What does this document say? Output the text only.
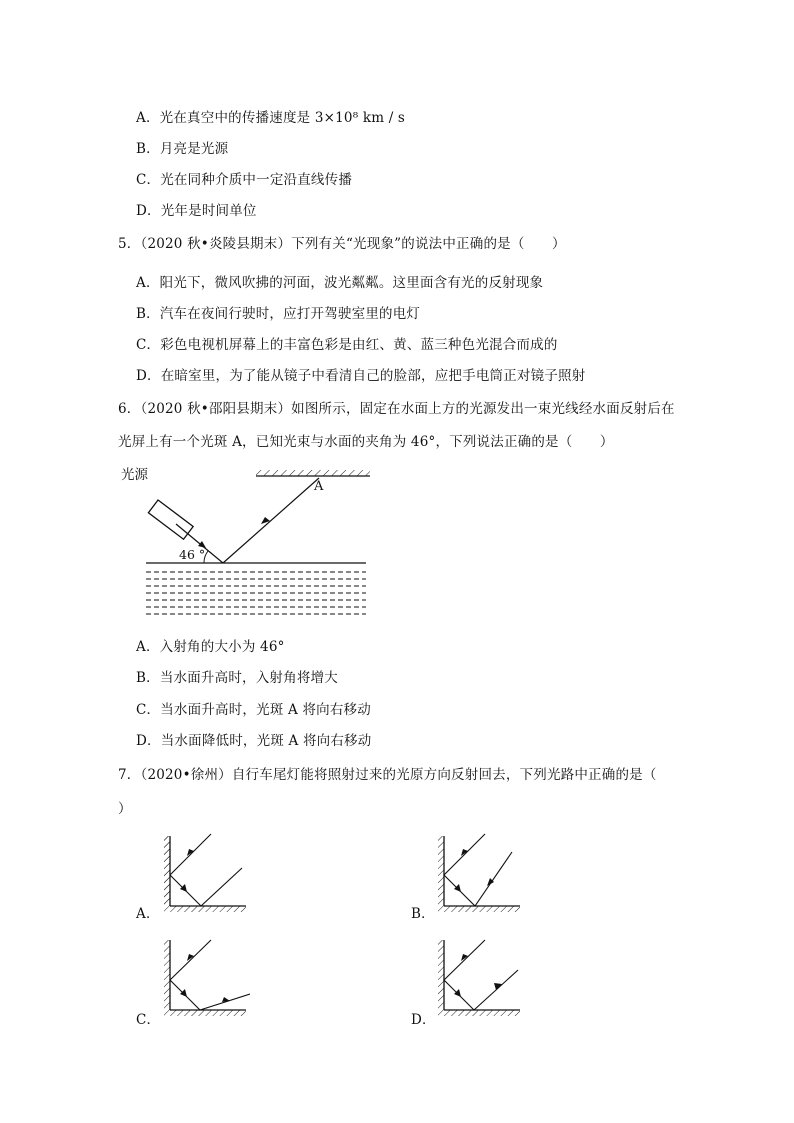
A．光在真空中的传播速度是 3×10⁸ km / s
B．月亮是光源
C．光在同种介质中一定沿直线传播
D．光年是时间单位
5．（2020 秋•炎陵县期末）下列有关“光现象”的说法中正确的是（　　）
A．阳光下，微风吹拂的河面，波光粼粼。这里面含有光的反射现象
B．汽车在夜间行驶时，应打开驾驶室里的电灯
C．彩色电视机屏幕上的丰富色彩是由红、黄、蓝三种色光混合而成的
D．在暗室里，为了能从镜子中看清自己的脸部，应把手电筒正对镜子照射
6．（2020 秋•邵阳县期末）如图所示，固定在水面上方的光源发出一束光线经水面反射后在
光屏上有一个光斑 A，已知光束与水面的夹角为 46°，下列说法正确的是（　　）
光源
A
46 °
A．入射角的大小为 46°
B．当水面升高时，入射角将增大
C．当水面升高时，光斑 A 将向右移动
D．当水面降低时，光斑 A 将向右移动
7．（2020•徐州）自行车尾灯能将照射过来的光原方向反射回去，下列光路中正确的是（
）
A．	B．
C．	D．
